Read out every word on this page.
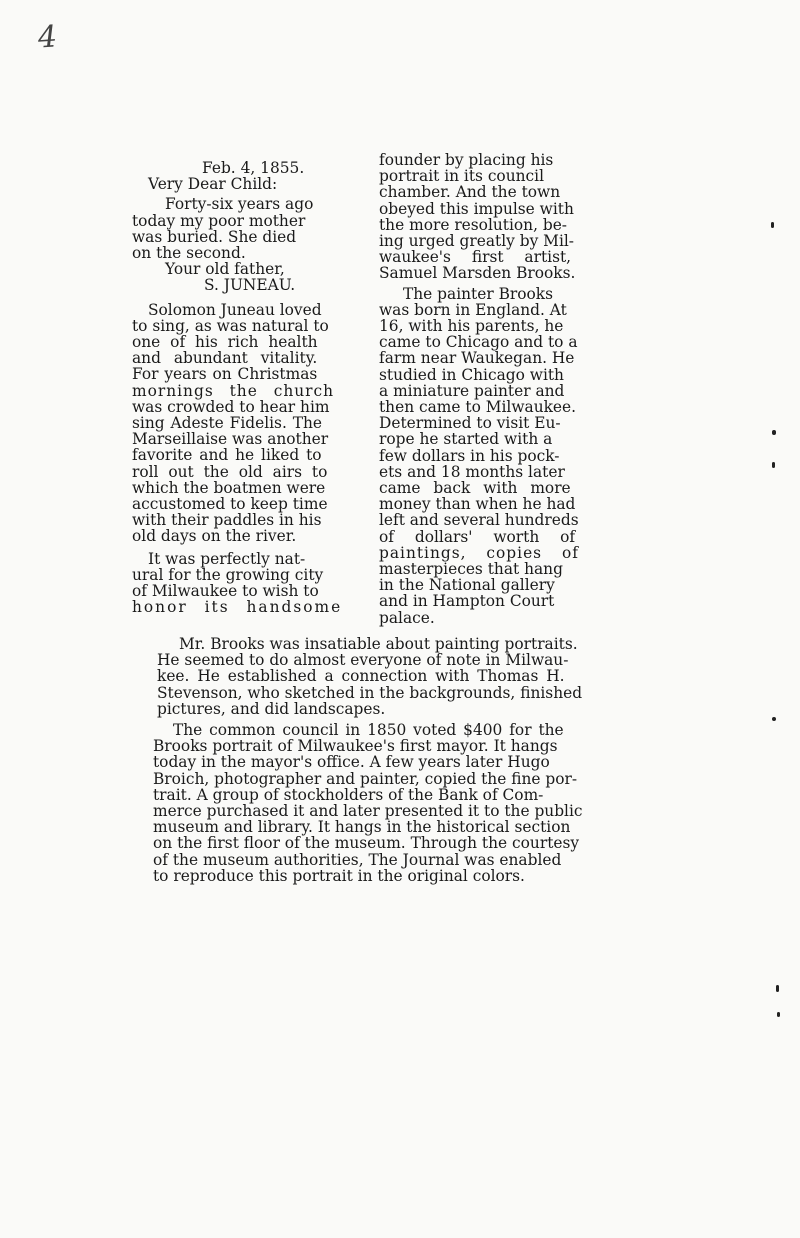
4

Feb. 4, 1855.

Very Dear Child:

Forty-six years ago

today my poor mother

was buried. She died

on the second.

Your old father,

S. JUNEAU.

Solomon Juneau loved

to sing, as was natural to

one of his rich health

and abundant vitality.

For years on Christmas

mornings the church

was crowded to hear him

sing Adeste Fidelis. The

Marseillaise was another

favorite and he liked to

roll out the old airs to

which the boatmen were

accustomed to keep time

with their paddles in his

old days on the river.

It was perfectly nat-

ural for the growing city

of Milwaukee to wish to

honor its handsome

founder by placing his

portrait in its council

chamber. And the town

obeyed this impulse with

the more resolution, be-

ing urged greatly by Mil-

waukee's first artist,

Samuel Marsden Brooks.

The painter Brooks

was born in England. At

16, with his parents, he

came to Chicago and to a

farm near Waukegan. He

studied in Chicago with

a miniature painter and

then came to Milwaukee.

Determined to visit Eu-

rope he started with a

few dollars in his pock-

ets and 18 months later

came back with more

money than when he had

left and several hundreds

of dollars' worth of

paintings, copies of

masterpieces that hang

in the National gallery

and in Hampton Court

palace.

Mr. Brooks was insatiable about painting portraits.

He seemed to do almost everyone of note in Milwau-

kee. He established a connection with Thomas H.

Stevenson, who sketched in the backgrounds, finished

pictures, and did landscapes.

The common council in 1850 voted $400 for the

Brooks portrait of Milwaukee's first mayor. It hangs

today in the mayor's office. A few years later Hugo

Broich, photographer and painter, copied the fine por-

trait. A group of stockholders of the Bank of Com-

merce purchased it and later presented it to the public

museum and library. It hangs in the historical section

on the first floor of the museum. Through the courtesy

of the museum authorities, The Journal was enabled

to reproduce this portrait in the original colors.
